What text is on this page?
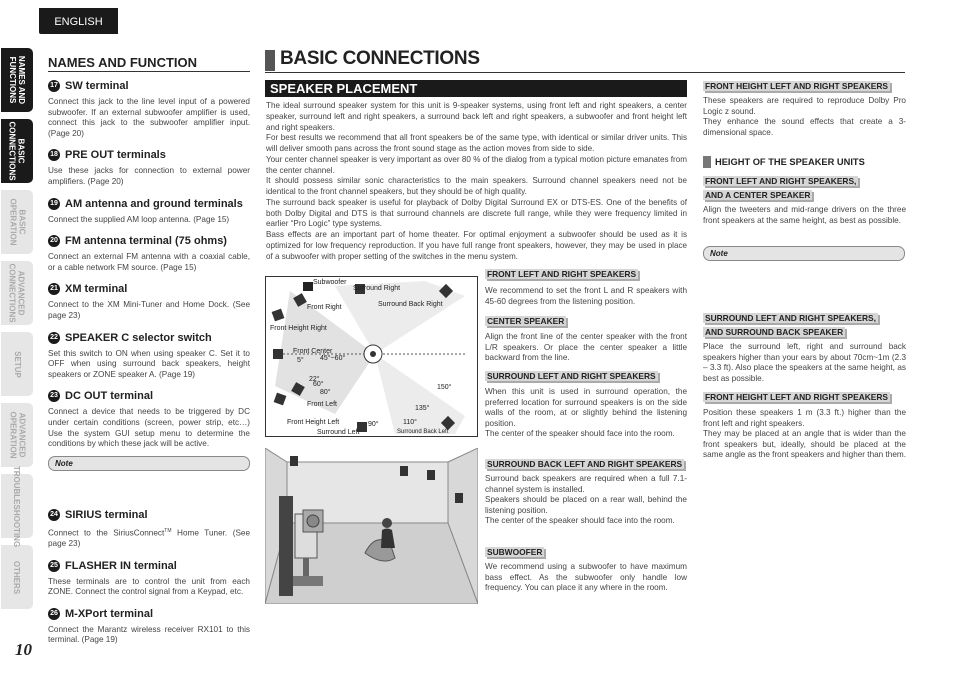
ENGLISH
NAMES AND
FUNCTIONS
BASIC
CONNECTIONS
BASIC
OPERATION
ADVANCED
CONNECTIONS
SETUP
ADVANCED
OPERATION
TROUBLESHOOTING
OTHERS
10
NAMES AND FUNCTION
17 SW terminal
Connect this jack to the line level input of a powered subwoofer. If an external subwoofer amplifier is used, connect this jack to the subwoofer amplifier input. (Page 20)
18 PRE OUT terminals
Use these jacks for connection to external power amplifiers. (Page 20)
19 AM antenna and ground terminals
Connect the supplied AM loop antenna. (Page 15)
20 FM antenna terminal (75 ohms)
Connect an external FM antenna with a coaxial cable, or a cable network FM source. (Page 15)
21 XM terminal
Connect to the XM Mini-Tuner and Home Dock. (See page 23)
22 SPEAKER C selector switch
Set this switch to ON when using speaker C. Set it to OFF when using surround back speakers, height speakers or ZONE speaker A. (Page 19)
23 DC OUT terminal
Connect a device that needs to be triggered by DC under certain conditions (screen, power strip, etc…) Use the system GUI setup menu to determine the conditions by which these jack will be active.
Note
24 SIRIUS terminal
Connect to the SiriusConnect™ Home Tuner. (See page 23)
25 FLASHER IN terminal
These terminals are to control the unit from each ZONE. Connect the control signal from a Keypad, etc.
26 M-XPort terminal
Connect the Marantz wireless receiver RX101 to this terminal. (Page 19)
BASIC CONNECTIONS
SPEAKER PLACEMENT

The ideal surround speaker system for this unit is 9-speaker systems, using front left and right speakers, a center speaker, surround left and right speakers, a surround back left and right speakers, a subwoofer and front height left and right speakers.

For best results we recommend that all front speakers be of the same type, with identical or similar driver units. This will deliver smooth pans across the front sound stage as the action moves from side to side.

Your center channel speaker is very important as over 80 % of the dialog from a typical motion picture emanates from the center channel.

It should possess similar sonic characteristics to the main speakers. Surround channel speakers need not be identical to the front channel speakers, but they should be of high quality.

The surround back speaker is useful for playback of Dolby Digital Surround EX or DTS-ES. One of the benefits of both Dolby Digital and DTS is that surround channels are discrete full range, while they were frequency limited in earlier “Pro Logic” type systems.

Bass effects are an important part of home theater. For optimal enjoyment a subwoofer should be used as it is optimized for low frequency reproduction. If you have full range front speakers, however, they may be used in place of a subwoofer with proper setting of the switches in the menu system.

Subwoofer
Surround Right
Front Right	Surround Back Right
Front Height Right
Front Center
45°~60°
5°
22°
80°
60°	150°
135°
110°
90°
Front Height Left
Front Left
Surround Left	Surround Back Left
FRONT LEFT AND RIGHT SPEAKERS

We recommend to set the front L and R speakers with 45-60 degrees from the listening position.

CENTER SPEAKER

Align the front line of the center speaker with the front L/R speakers. Or place the center speaker a little backward from the line.

SURROUND LEFT AND RIGHT SPEAKERS

When this unit is used in surround operation, the preferred location for surround speakers is on the side walls of the room, at or slightly behind the listening position.

The center of the speaker should face into the room.

SURROUND BACK LEFT AND RIGHT SPEAKERS

Surround back speakers are required when a full 7.1-channel system is installed.

Speakers should be placed on a rear wall, behind the listening position.

The center of the speaker should face into the room.

SUBWOOFER

We recommend using a subwoofer to have maximum bass effect. As the subwoofer only handle low frequency. You can place it any where in the room.

FRONT HEIGHT LEFT AND RIGHT SPEAKERS

These speakers are required to reproduce Dolby Pro Logic z sound.

They enhance the sound effects that create a 3-dimensional space.

HEIGHT OF THE SPEAKER UNITS
FRONT LEFT AND RIGHT SPEAKERS,
AND A CENTER SPEAKER
Align the tweeters and mid-range drivers on the three front speakers at the same height, as best as possible.
Note
SURROUND LEFT AND RIGHT SPEAKERS,
AND SURROUND BACK SPEAKER
Place the surround left, right and surround back speakers higher than your ears by about 70cm~1m (2.3 – 3.3 ft). Also place the speakers at the same height, as best as possible.
FRONT HEIGHT LEFT AND RIGHT SPEAKERS

Position these speakers 1 m (3.3 ft.) higher than the front left and right speakers.

They may be placed at an angle that is wider than the front speakers but, ideally, should be placed at the same angle as the front speakers and higher than them.
